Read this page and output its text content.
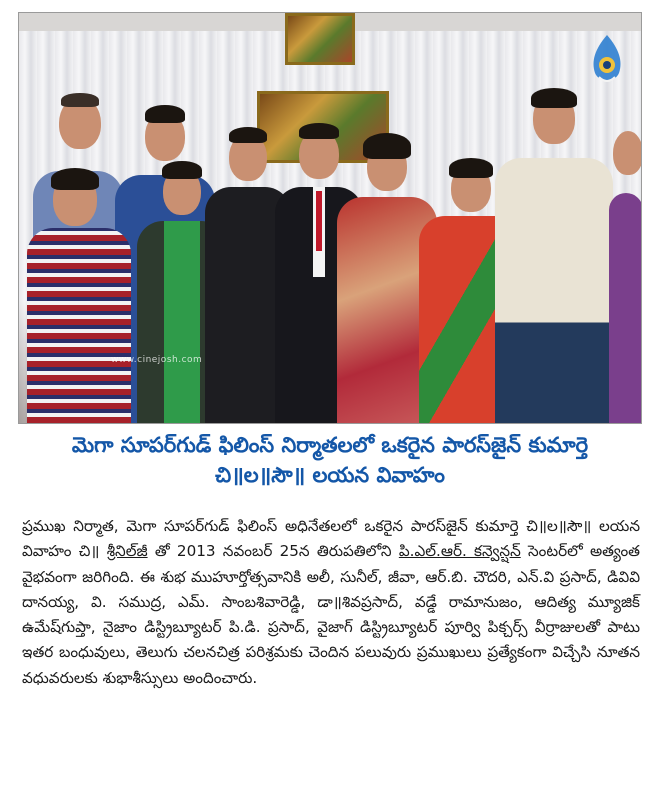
www.cinejosh.com
మెగా సూపర్‌గుడ్ ఫిలింస్ నిర్మాతలలో ఒకరైన పారస్‌జైన్ కుమార్తె
చి॥ల॥సౌ॥ లయన వివాహం
ప్రముఖ నిర్మాత, మెగా సూపర్‌గుడ్ ఫిలింస్ అధినేతలలో ఒకరైన పారస్‌జైన్ కుమార్తె చి॥ల॥సౌ॥ లయన వివాహం చి॥ శ్రీనిల్‌జీ తో 2013 నవంబర్ 25న తిరుపతిలోని పి.ఎల్.ఆర్. కన్వెన్షన్ సెంటర్‌లో అత్యంత వైభవంగా జరిగింది. ఈ శుభ ముహూర్తోత్సవానికి అలీ, సునీల్, జీవా, ఆర్.బి. చౌదరి, ఎన్.వి ప్రసాద్, డివివి దానయ్య, వి. సముద్ర, ఎమ్. సాంబశివారెడ్డి, డా॥శివప్రసాద్, వడ్డే రామానుజం, ఆదిత్య మ్యూజిక్ ఉమేష్‌గుప్తా, నైజాం డిస్ట్రిబ్యూటర్ పి.డి. ప్రసాద్, వైజాగ్ డిస్ట్రిబ్యూటర్ పూర్వి పిక్చర్స్ వీర్రాజులతో పాటు ఇతర బంధువులు, తెలుగు చలనచిత్ర పరిశ్రమకు చెందిన పలువురు ప్రముఖులు ప్రత్యేకంగా విచ్చేసి నూతన వధువరులకు శుభాశీస్సులు అందించారు.
